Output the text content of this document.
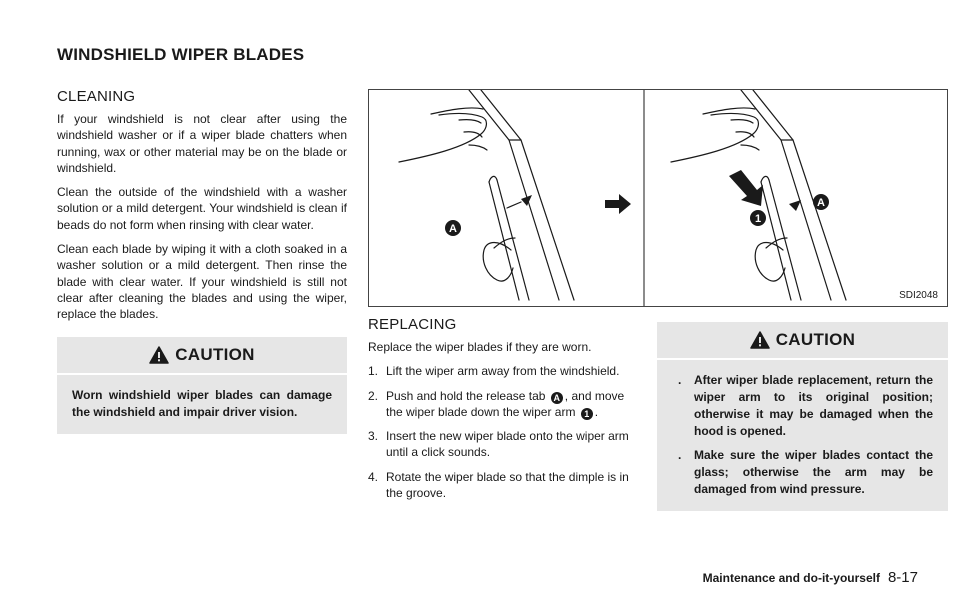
WINDSHIELD WIPER BLADES
CLEANING

If your windshield is not clear after using the windshield washer or if a wiper blade chatters when running, wax or other material may be on the blade or windshield.

Clean the outside of the windshield with a washer solution or a mild detergent. Your windshield is clean if beads do not form when rinsing with clear water.

Clean each blade by wiping it with a cloth soaked in a washer solution or a mild detergent. Then rinse the blade with clear water. If your windshield is still not clear after cleaning the blades and using the wiper, replace the blades.

CAUTION
Worn windshield wiper blades can damage the windshield and impair driver vision.
A
1
A
SDI2048
REPLACING

Replace the wiper blades if they are worn.

1. Lift the wiper arm away from the windshield.
2. Push and hold the release tab A , and move the wiper blade down the wiper arm 1 .
3. Insert the new wiper blade onto the wiper arm until a click sounds.
4. Rotate the wiper blade so that the dimple is in the groove.
CAUTION
. After wiper blade replacement, return the wiper arm to its original position; otherwise it may be damaged when the hood is opened.
. Make sure the wiper blades contact the glass; otherwise the arm may be damaged from wind pressure.
Maintenance and do-it-yourself 8-17
